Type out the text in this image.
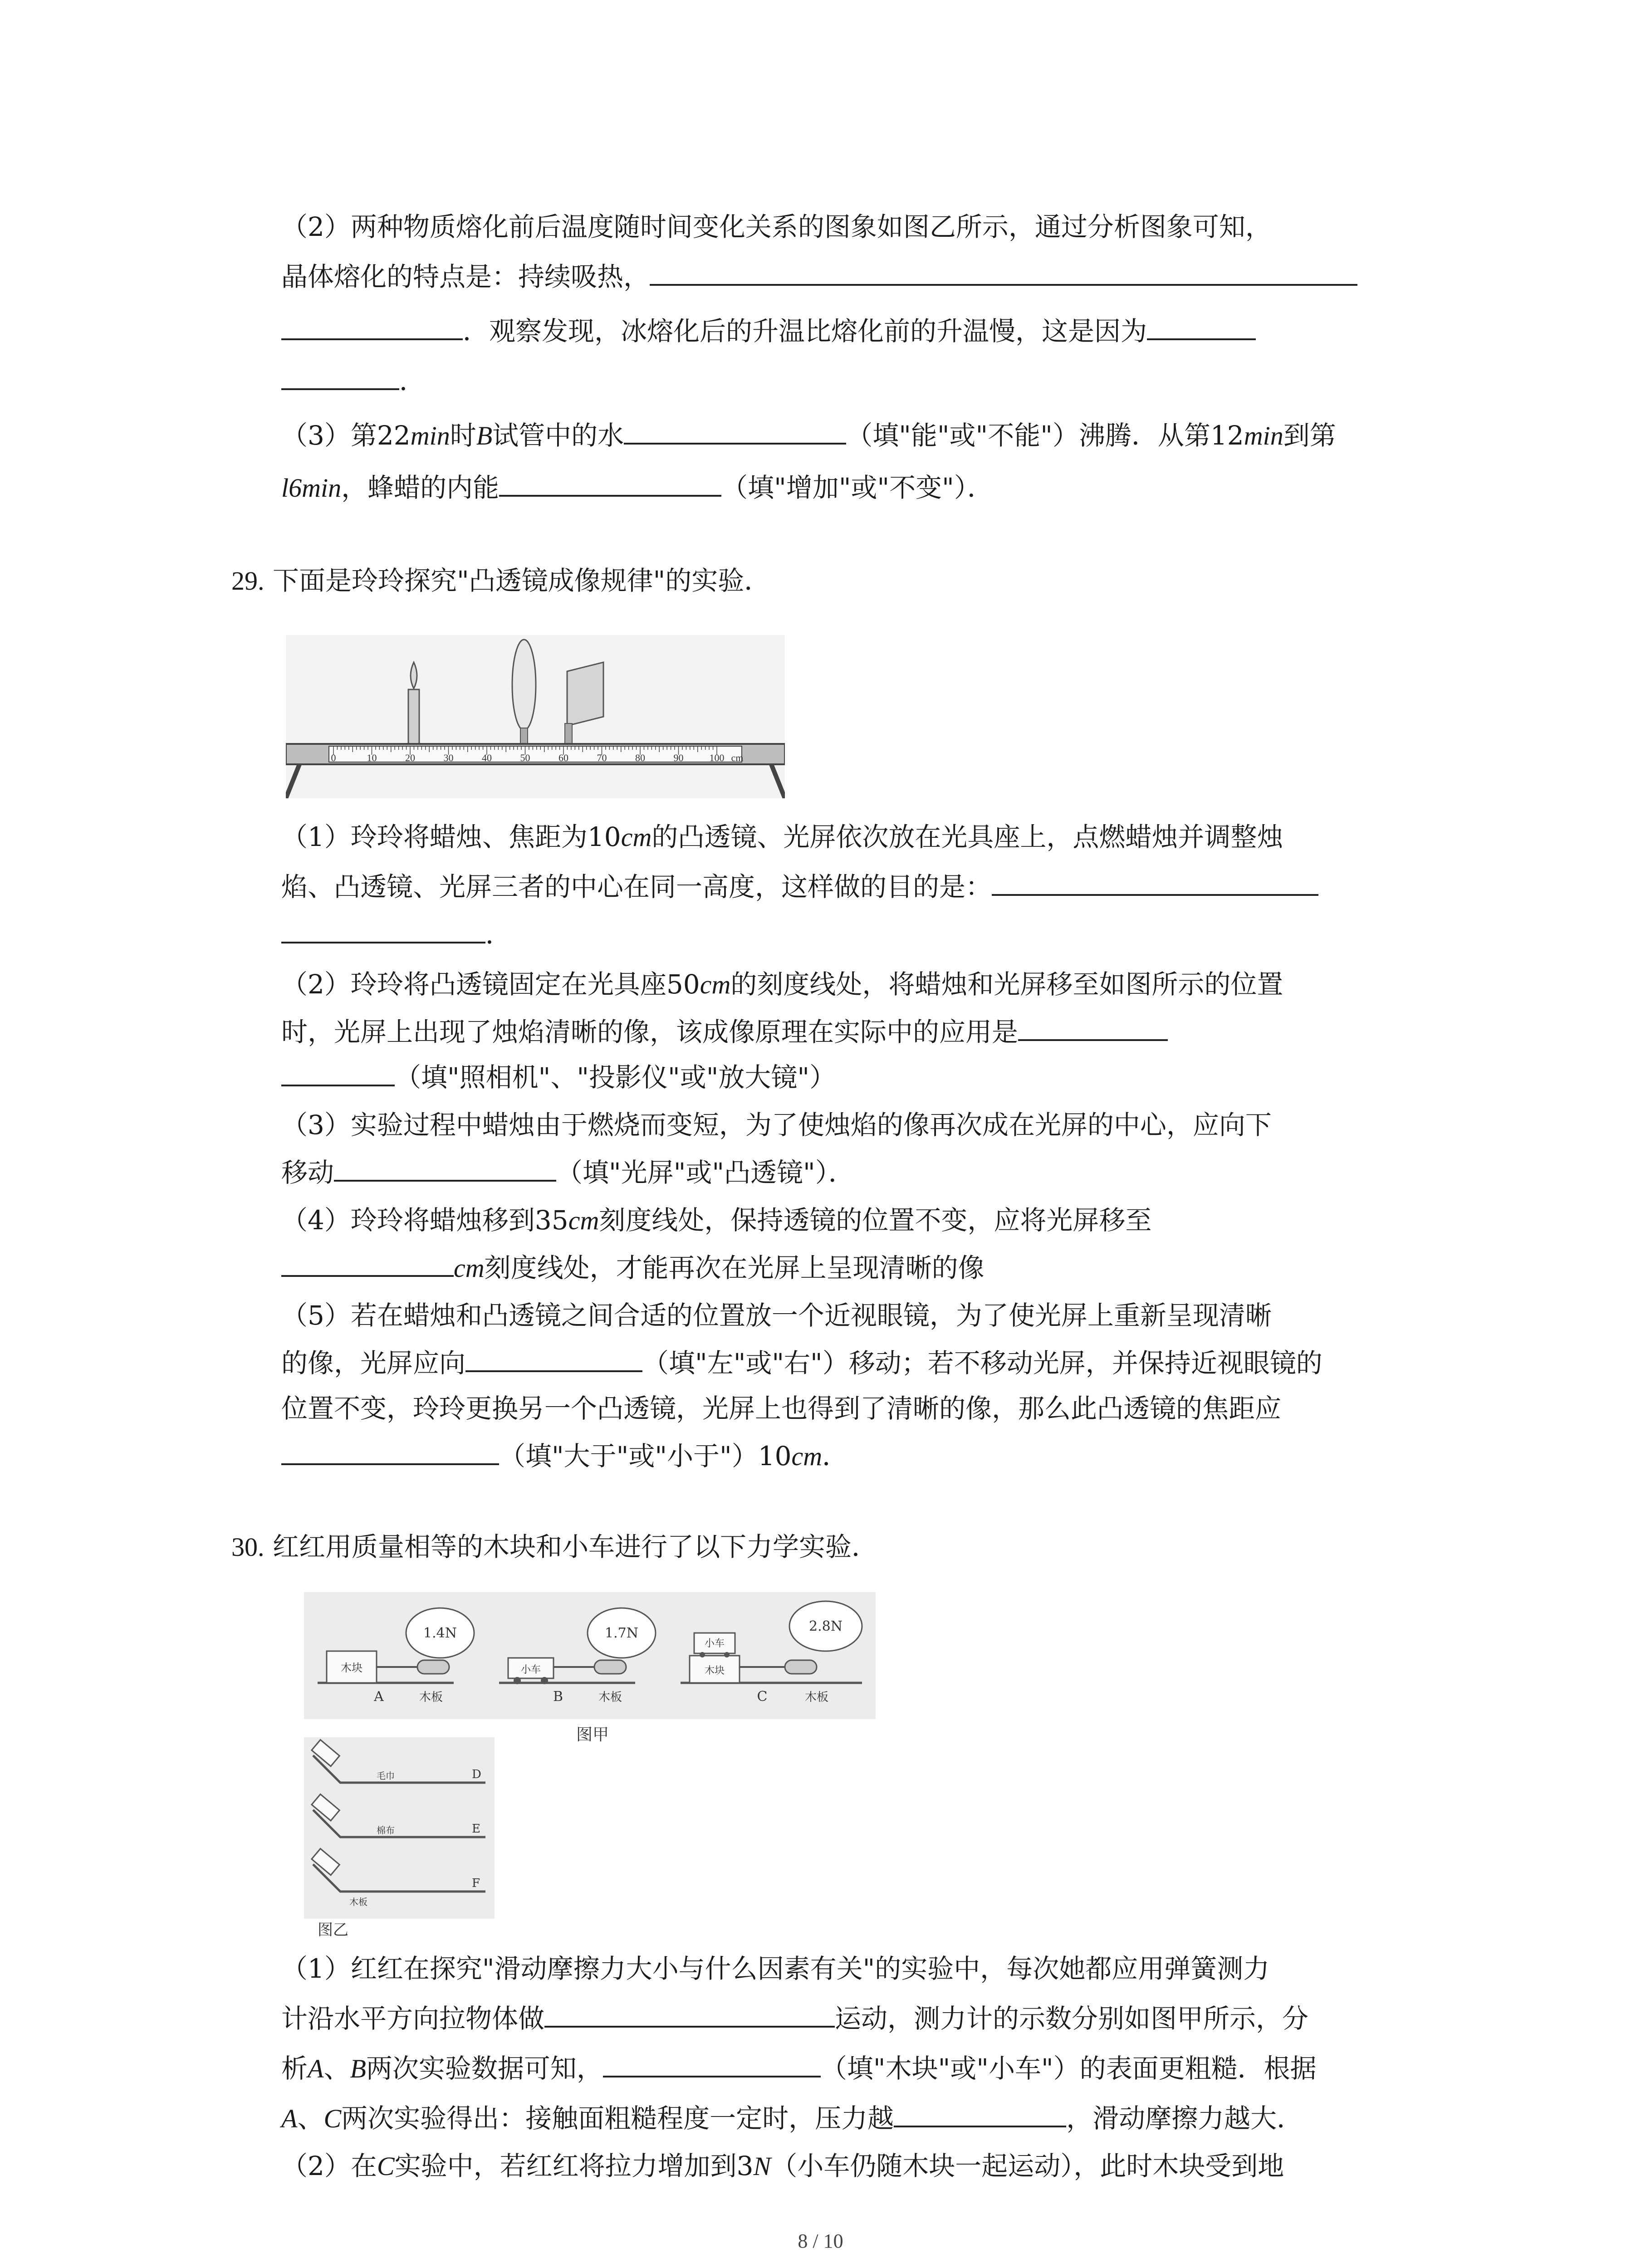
（2）两种物质熔化前后温度随时间变化关系的图象如图乙所示，通过分析图象可知，
晶体熔化的特点是：持续吸热，
．观察发现，冰熔化后的升温比熔化前的升温慢，这是因为
．
（3）第22min时B试管中的水	（填"能"或"不能"）沸腾．从第12min到第
l6min，蜂蜡的内能	（填"增加"或"不变"）．
29. 下面是玲玲探究"凸透镜成像规律"的实验．
0	10	20	30	40	50	60	70	80	90	100 cm
（1）玲玲将蜡烛、焦距为10cm的凸透镜、光屏依次放在光具座上，点燃蜡烛并调整烛
焰、凸透镜、光屏三者的中心在同一高度，这样做的目的是：
．
（2）玲玲将凸透镜固定在光具座50cm的刻度线处，将蜡烛和光屏移至如图所示的位置
时，光屏上出现了烛焰清晰的像，该成像原理在实际中的应用是
（填"照相机"、"投影仪"或"放大镜"）
（3）实验过程中蜡烛由于燃烧而变短，为了使烛焰的像再次成在光屏的中心，应向下
移动	（填"光屏"或"凸透镜"）．
（4）玲玲将蜡烛移到35cm刻度线处，保持透镜的位置不变，应将光屏移至
cm刻度线处，才能再次在光屏上呈现清晰的像
（5）若在蜡烛和凸透镜之间合适的位置放一个近视眼镜，为了使光屏上重新呈现清晰
的像，光屏应向	（填"左"或"右"）移动；若不移动光屏，并保持近视眼镜的
位置不变，玲玲更换另一个凸透镜，光屏上也得到了清晰的像，那么此凸透镜的焦距应
（填"大于"或"小于"）10cm．
30. 红红用质量相等的木块和小车进行了以下力学实验．
木块
1.4N
A	木板
小车
1.7N
B	木板
小车
木块
2.8N
C	木板
图甲
毛巾	D
棉布	E
木板
F
图乙
（1）红红在探究"滑动摩擦力大小与什么因素有关"的实验中，每次她都应用弹簧测力
计沿水平方向拉物体做	运动，测力计的示数分别如图甲所示，分
析A、B两次实验数据可知，	（填"木块"或"小车"）的表面更粗糙．根据
A、C两次实验得出：接触面粗糙程度一定时，压力越	，滑动摩擦力越大．
（2）在C实验中，若红红将拉力增加到3N（小车仍随木块一起运动），此时木块受到地
8 / 10
